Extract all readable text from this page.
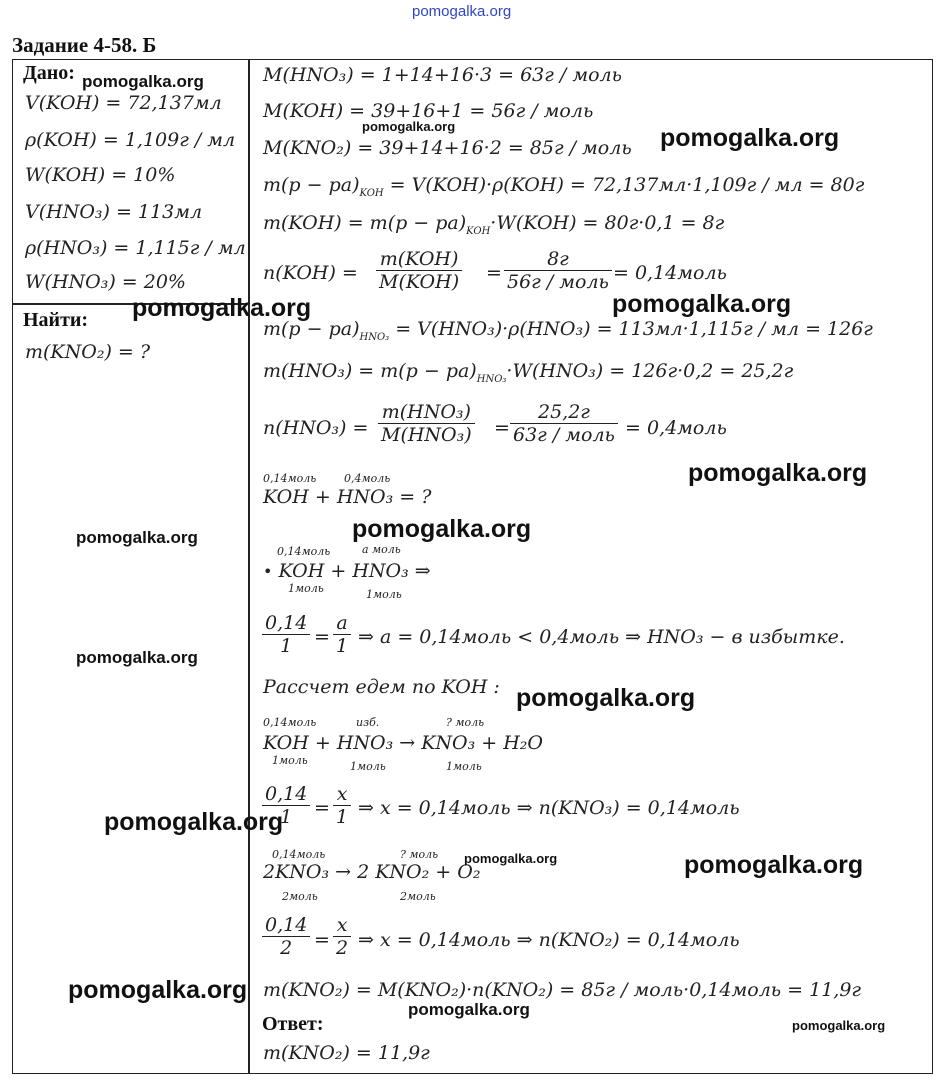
pomogalka.org
Задание 4-58. Б
Дано:
V(KOH) = 72,137мл
ρ(KOH) = 1,109г / мл
W(KOH) = 10%
V(HNO₃) = 113мл
ρ(HNO₃) = 1,115г / мл
W(HNO₃) = 20%
Найти:
m(KNO₂) = ?
M(HNO₃) = 1+14+16·3 = 63г / моль
M(KOH) = 39+16+1 = 56г / моль
M(KNO₂) = 39+14+16·2 = 85г / моль
$m(р - ра)_{KOH} = V(KOH)\cdot\rho(KOH) = 72,137мл\cdot 1,109г$ / мл = 80г
$m(KOH) = m(р - ра)_{KOH}\cdot W(KOH) = 80г\cdot 0,1 = 8г$
n(KOH) =
m(KOH)
M(KOH) =
8г
56г / моль = 0,14моль
$m(р - ра)_{HNO_3} = V(HNO_3)\cdot\rho(HNO_3) = 113мл\cdot 1,115г$ / мл = 126г
$m(HNO_3) = m(р - ра)_{HNO_3}\cdot W(HNO_3) = 126г\cdot 0,2 = 25,2г$
n(HNO₃) =
m(HNO₃)
M(HNO₃) =
25,2г
63г / моль = 0,4моль
0,14моль	0,4моль
KOH + HNO₃ = ?
0,14моль	а моль
• KOH + HNO₃ ⇒
1моль	1моль
0,14
1 =
а
1 ⇒ а = 0,14моль < 0,4моль ⇒ HNO₃ − в избытке.
Рассчет едем по KOH :
0,14моль	изб.	? моль
KOH + HNO₃ → KNO₃ + H₂O
1моль	1моль	1моль
0,14
1 =
x
1 ⇒ x = 0,14моль ⇒ n(KNO₃) = 0,14моль
0,14моль	? моль
2KNO₃ → 2 KNO₂ + O₂
2моль	2моль
0,14
2 =
x
2 ⇒ x = 0,14моль ⇒ n(KNO₂) = 0,14моль
m(KNO₂) = M(KNO₂)·n(KNO₂) = 85г / моль·0,14моль = 11,9г
Ответ:
m(KNO₂) = 11,9г
pomogalka.org
pomogalka.org	pomogalka.org
pomogalka.org	pomogalka.org
pomogalka.org
pomogalka.org
pomogalka.org
pomogalka.org
pomogalka.org
pomogalka.org
pomogalka.org	pomogalka.org
pomogalka.org
pomogalka.org
pomogalka.org
